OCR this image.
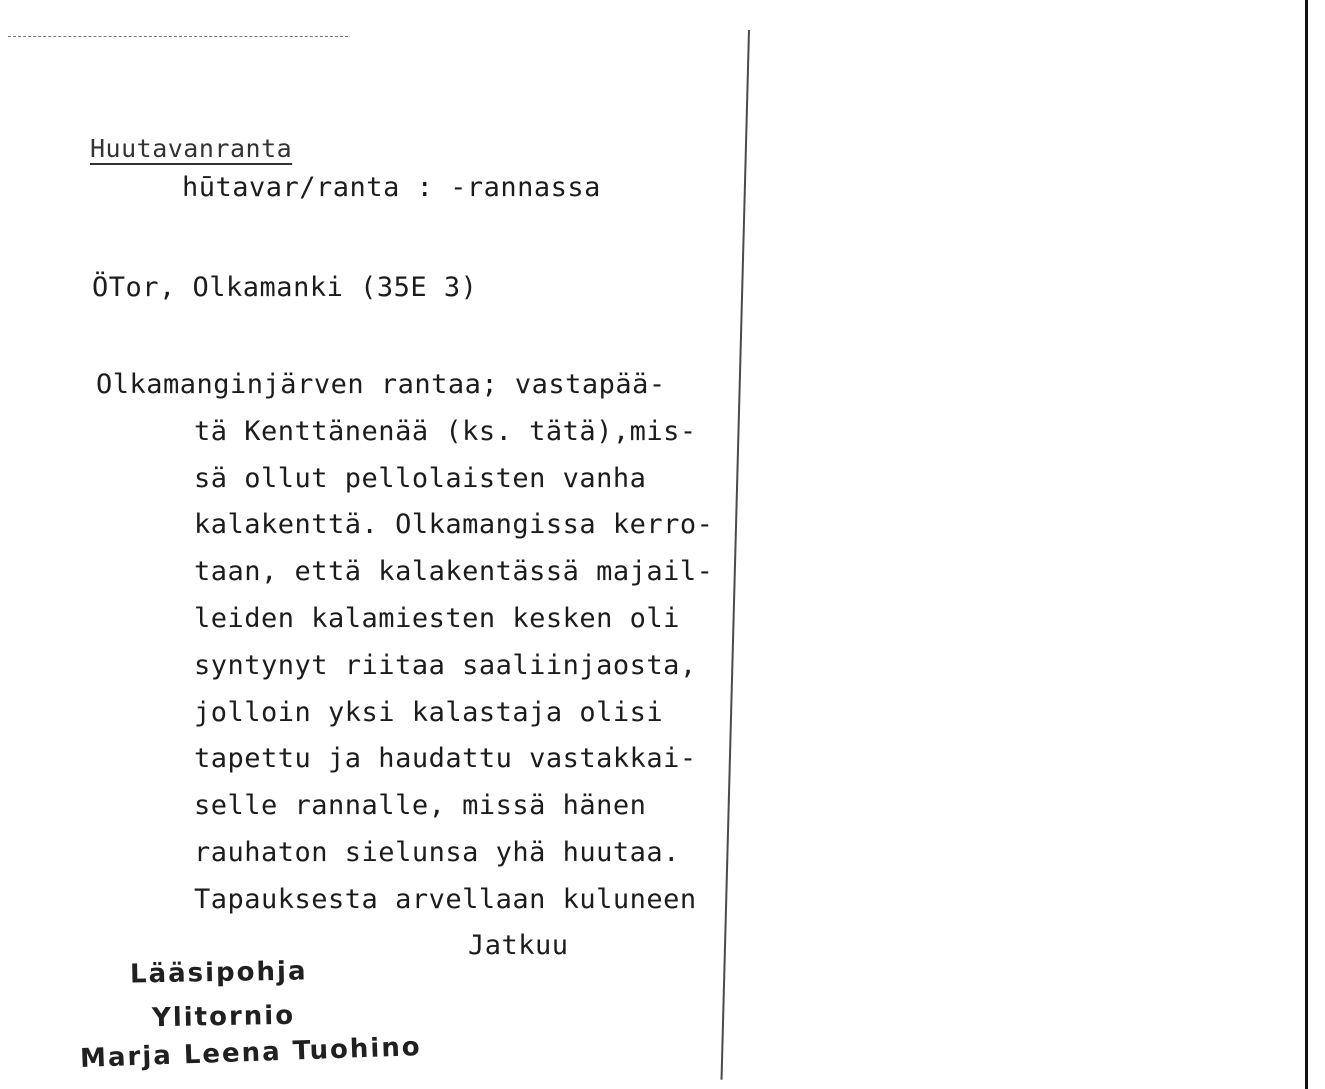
Huutavanranta
hūtavar/ranta : -rannassa
ÖTor, Olkamanki (35E 3)
Olkamanginjärven rantaa; vastapää-
tä Kenttänenää (ks. tätä),mis-
sä ollut pellolaisten vanha
kalakenttä. Olkamangissa kerro-
taan, että kalakentässä majail-
leiden kalamiesten kesken oli
syntynyt riitaa saaliinjaosta,
jolloin yksi kalastaja olisi
tapettu ja haudattu vastakkai-
selle rannalle, missä hänen
rauhaton sielunsa yhä huutaa.
Tapauksesta arvellaan kuluneen
Jatkuu
Lääsipohja
Ylitornio
Marja Leena Tuohino
